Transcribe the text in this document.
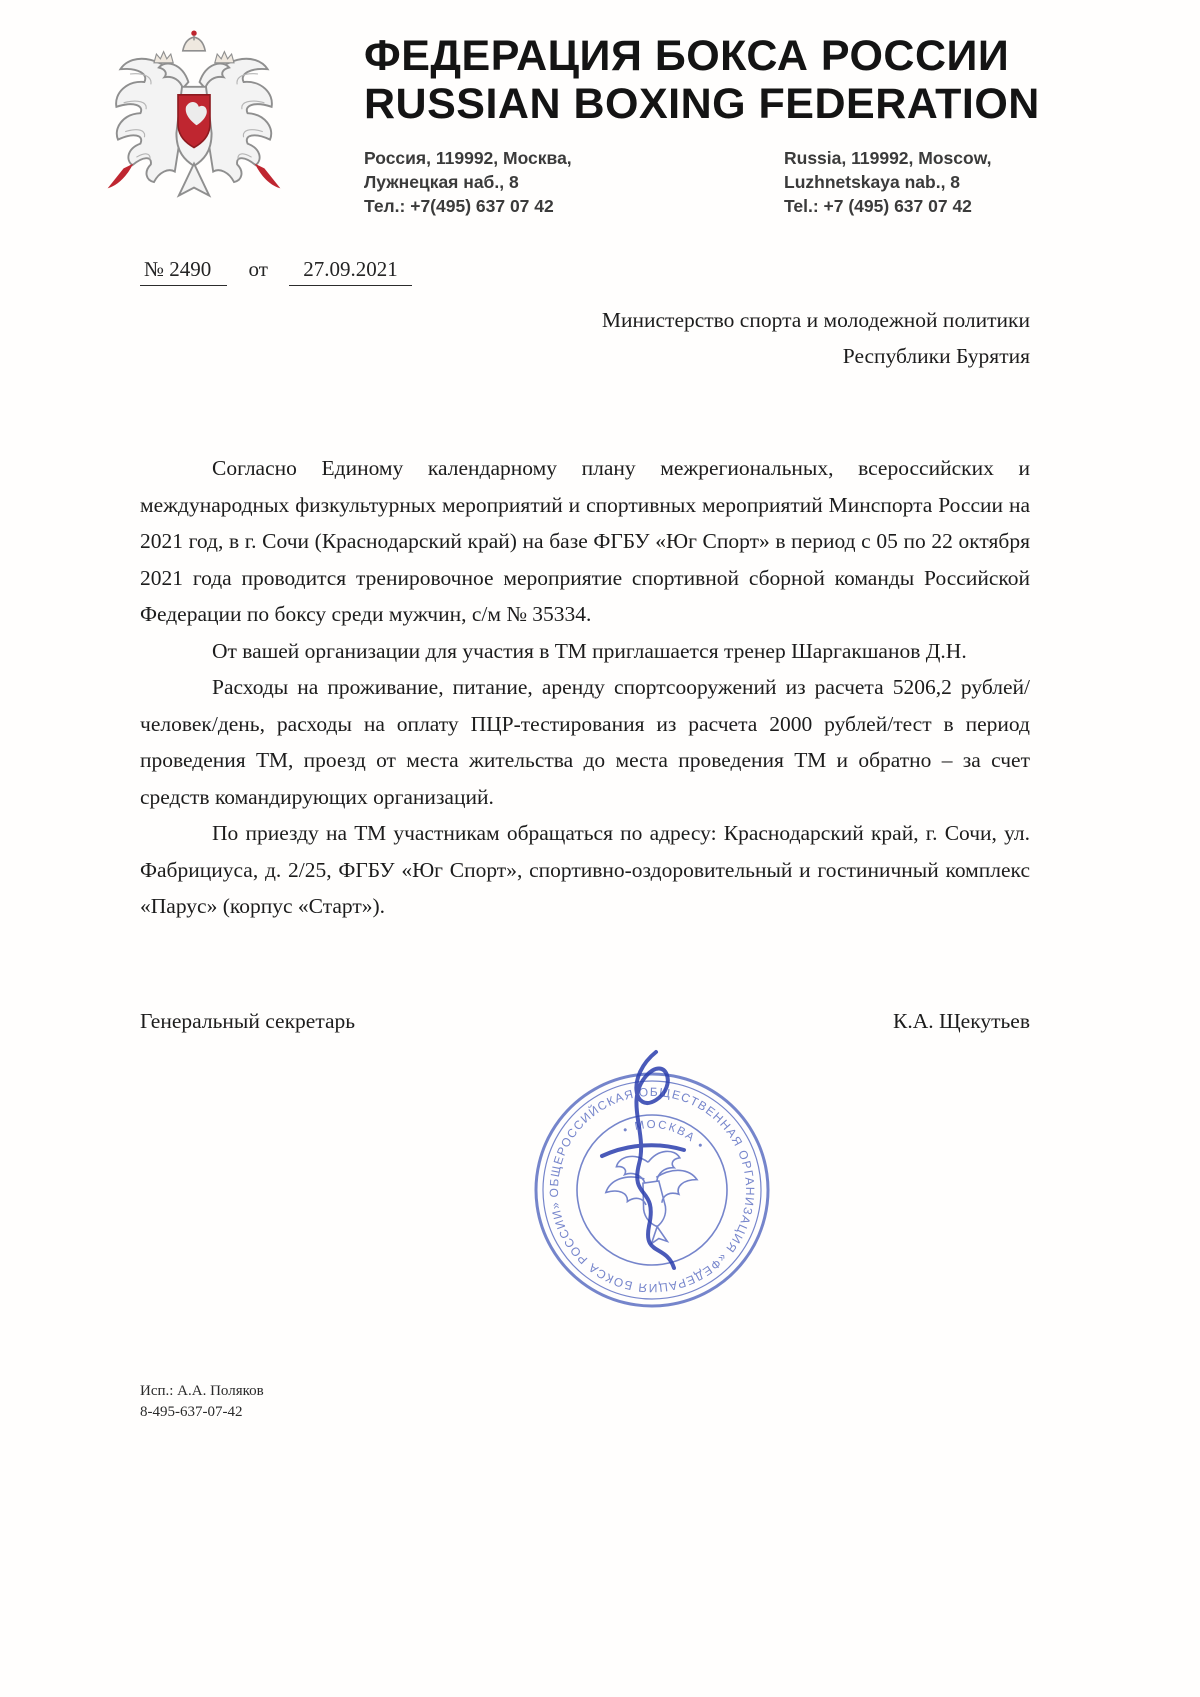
ФЕДЕРАЦИЯ БОКСА РОССИИ
RUSSIAN BOXING FEDERATION
Россия, 119992, Москва,
Лужнецкая наб., 8
Тел.: +7(495) 637 07 42
Russia, 119992, Moscow,
Luzhnetskaya nab., 8
Tel.: +7 (495) 637 07 42
№ 2490 от 27.09.2021
Министерство спорта и молодежной политики
Республики Бурятия

Согласно Единому календарному плану межрегиональных, всероссийских и международных физкультурных мероприятий и спортивных мероприятий Минспорта России на 2021 год, в г. Сочи (Краснодарский край) на базе ФГБУ «Юг Спорт» в период с 05 по 22 октября 2021 года проводится тренировочное мероприятие спортивной сборной команды Российской Федерации по боксу среди мужчин, с/м № 35334.

От вашей организации для участия в ТМ приглашается тренер Шаргакшанов Д.Н.

Расходы на проживание, питание, аренду спортсооружений из расчета 5206,2 рублей/человек/день, расходы на оплату ПЦР-тестирования из расчета 2000 рублей/тест в период проведения ТМ, проезд от места жительства до места проведения ТМ и обратно – за счет средств командирующих организаций.

По приезду на ТМ участникам обращаться по адресу: Краснодарский край, г. Сочи, ул. Фабрициуса, д. 2/25, ФГБУ «Юг Спорт», спортивно-оздоровительный и гостиничный комплекс «Парус» (корпус «Старт»).

Генеральный секретарь	К.А. Щекутьев
ОБЩЕРОССИЙСКАЯ ОБЩЕСТВЕННАЯ ОРГАНИЗАЦИЯ «ФЕДЕРАЦИЯ БОКСА РОССИИ»
• МОСКВА •
Исп.: А.А. Поляков
8-495-637-07-42
